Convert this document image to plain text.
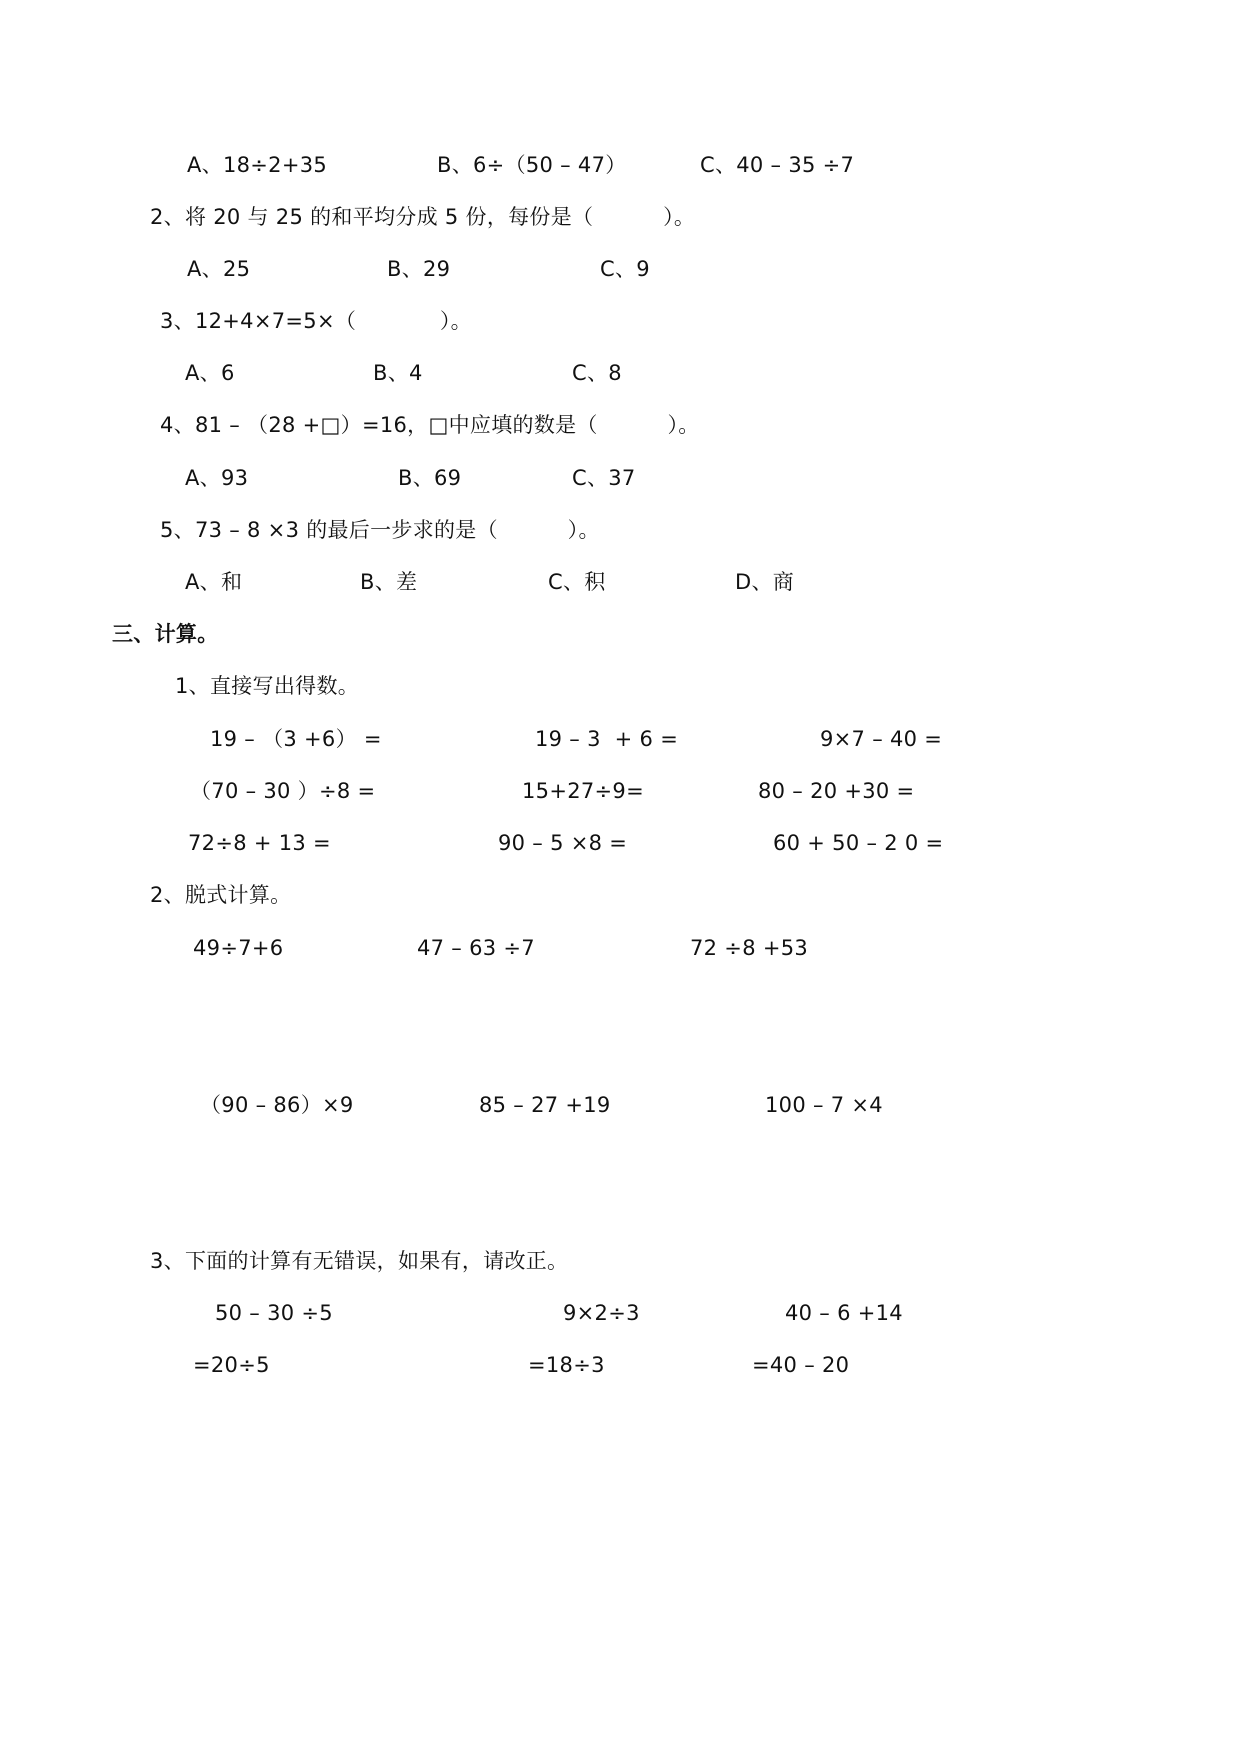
A、18÷2+35	B、6÷（50 – 47）	C、40 – 35 ÷7
2、将 20 与 25 的和平均分成 5 份，每份是（          ）。
A、25	B、29	C、9
3、12+4×7=5×（            ）。
A、6	B、4	C、8
4、81 – （28 +□）=16，□中应填的数是（          ）。
A、93	B、69	C、37
5、73 – 8 ×3 的最后一步求的是（          ）。
A、和	B、差	C、积	D、商
三、计算。
1、直接写出得数。
19 – （3 +6） =	19 – 3  + 6 =	9×7 – 40 =
（70 – 30 ）÷8 =	15+27÷9=	80 – 20 +30 =
72÷8 + 13 =	90 – 5 ×8 =	60 + 50 – 2 0 =
2、脱式计算。
49÷7+6	47 – 63 ÷7	72 ÷8 +53
（90 – 86）×9	85 – 27 +19	100 – 7 ×4
3、下面的计算有无错误，如果有，请改正。
50 – 30 ÷5	9×2÷3	40 – 6 +14
=20÷5	=18÷3	=40 – 20
